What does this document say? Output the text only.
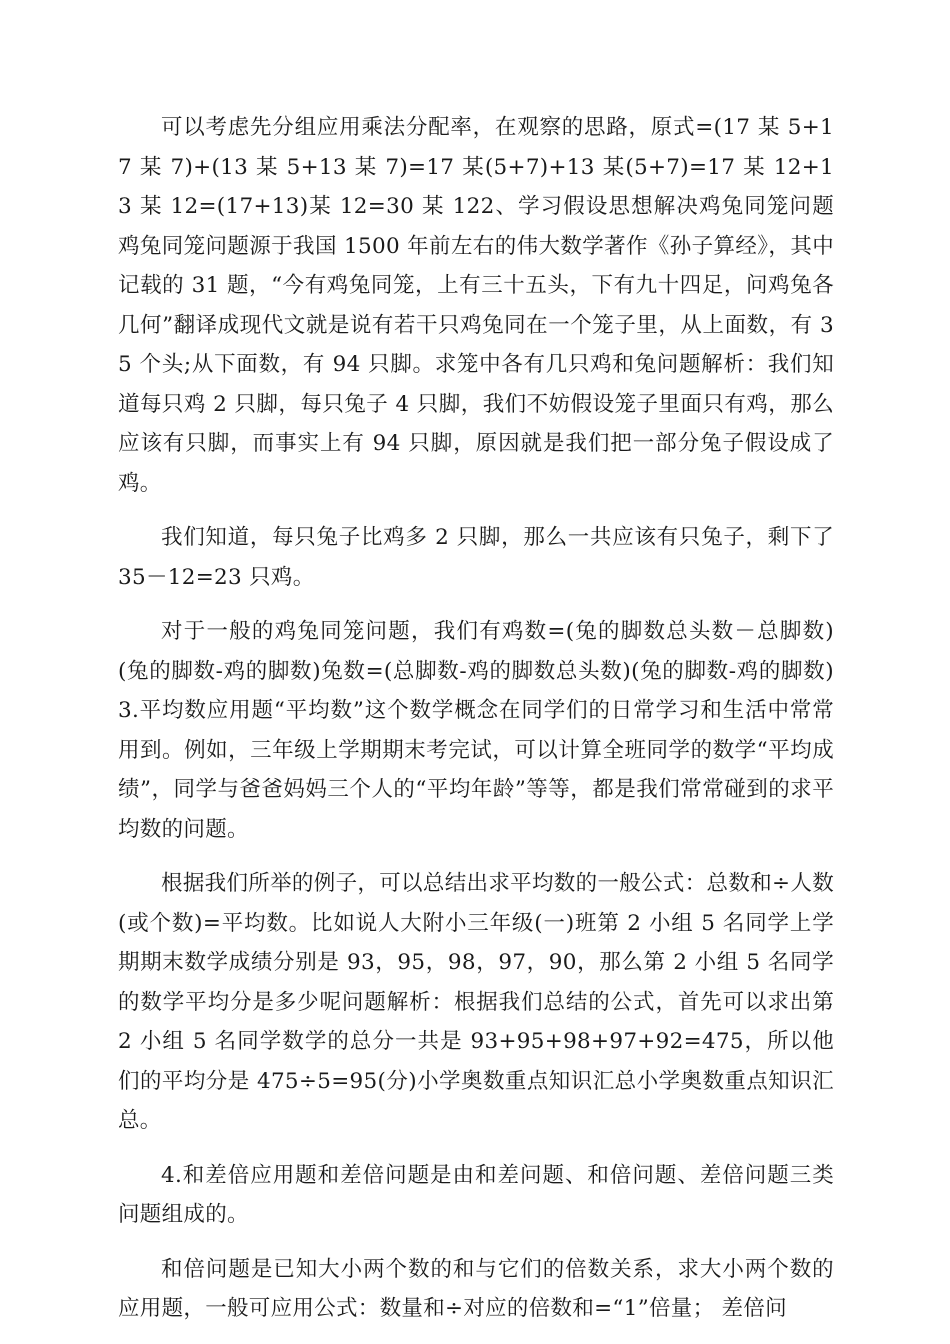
可以考虑先分组应用乘法分配率，在观察的思路，原式=(17 某 5+17 某 7)+(13 某 5+13 某 7)=17 某(5+7)+13 某(5+7)=17 某 12+13 某 12=(17+13)某 12=30 某 122、学习假设思想解决鸡兔同笼问题鸡兔同笼问题源于我国 1500 年前左右的伟大数学著作《孙子算经》，其中记载的 31 题，“今有鸡兔同笼，上有三十五头，下有九十四足，问鸡兔各几何”翻译成现代文就是说有若干只鸡兔同在一个笼子里，从上面数，有 35 个头;从下面数，有 94 只脚。求笼中各有几只鸡和兔问题解析：我们知道每只鸡 2 只脚，每只兔子 4 只脚，我们不妨假设笼子里面只有鸡，那么应该有只脚，而事实上有 94 只脚，原因就是我们把一部分兔子假设成了鸡。

我们知道，每只兔子比鸡多 2 只脚，那么一共应该有只兔子，剩下了 35－12=23 只鸡。

对于一般的鸡兔同笼问题，我们有鸡数=(兔的脚数总头数－总脚数)(兔的脚数-鸡的脚数)兔数=(总脚数-鸡的脚数总头数)(兔的脚数-鸡的脚数)3.平均数应用题“平均数”这个数学概念在同学们的日常学习和生活中常常用到。例如，三年级上学期期末考完试，可以计算全班同学的数学“平均成绩”，同学与爸爸妈妈三个人的“平均年龄”等等，都是我们常常碰到的求平均数的问题。

根据我们所举的例子，可以总结出求平均数的一般公式：总数和÷人数(或个数)=平均数。比如说人大附小三年级(一)班第 2 小组 5 名同学上学期期末数学成绩分别是 93，95，98，97，90，那么第 2 小组 5 名同学的数学平均分是多少呢问题解析：根据我们总结的公式，首先可以求出第 2 小组 5 名同学数学的总分一共是 93+95+98+97+92=475，所以他们的平均分是 475÷5=95(分)小学奥数重点知识汇总小学奥数重点知识汇总。

4.和差倍应用题和差倍问题是由和差问题、和倍问题、差倍问题三类问题组成的。

和倍问题是已知大小两个数的和与它们的倍数关系，求大小两个数的应用题，一般可应用公式：数量和÷对应的倍数和=“1”倍量； 差倍问
